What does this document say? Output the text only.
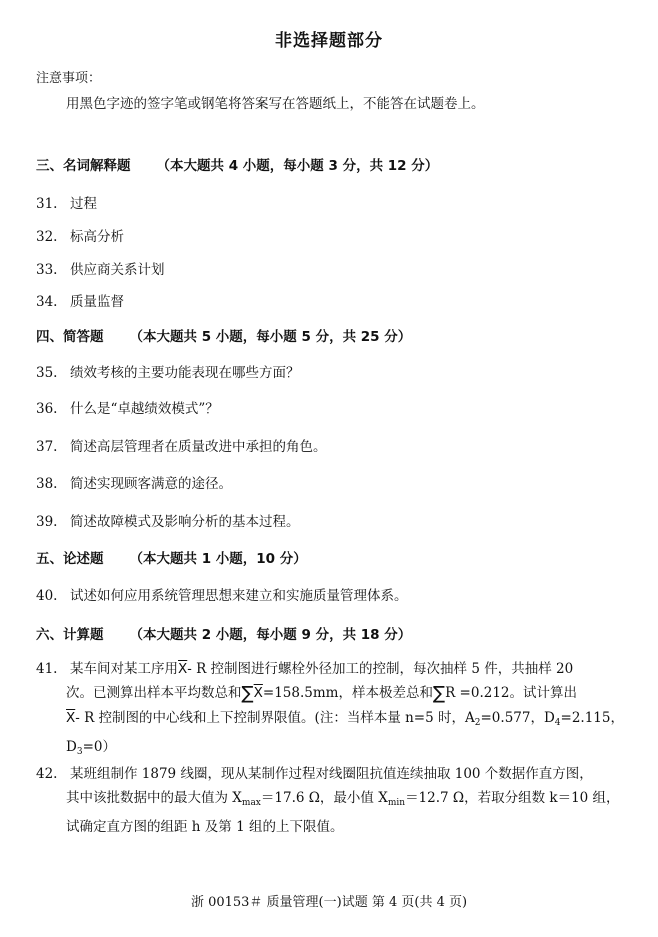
非选择题部分
注意事项：
用黑色字迹的签字笔或钢笔将答案写在答题纸上，不能答在试题卷上。
三、名词解释题 （本大题共 4 小题，每小题 3 分，共 12 分）
31. 过程
32. 标高分析
33. 供应商关系计划
34. 质量监督
四、简答题 （本大题共 5 小题，每小题 5 分，共 25 分）
35. 绩效考核的主要功能表现在哪些方面？
36. 什么是“卓越绩效模式”？
37. 简述高层管理者在质量改进中承担的角色。
38. 简述实现顾客满意的途径。
39. 简述故障模式及影响分析的基本过程。
五、论述题 （本大题共 1 小题，10 分）
40. 试述如何应用系统管理思想来建立和实施质量管理体系。
六、计算题 （本大题共 2 小题，每小题 9 分，共 18 分）
41. 某车间对某工序用$\overline{X}-$ R 控制图进行螺栓外径加工的控制，每次抽样 5 件，共抽样 20
次。已测算出样本平均数总和$\sum\overline{X}=158.5mm$，样本极差总和∑R =0.212。试计算出
$\overline{X}-$ R 控制图的中心线和上下控制界限值。(注：当样本量 n=5 时，$A_2=0.577$，$D_4=2.115$，
$D_3=0$）
42. 某班组制作 1879 线圈，现从某制作过程对线圈阻抗值连续抽取 100 个数据作直方图，
其中该批数据中的最大值为 $X_{max}=17.6$ Ω，最小值 $X_{min}=12.7$ Ω，若取分组数 k＝10 组，
试确定直方图的组距 h 及第 1 组的上下限值。
浙 00153＃ 质量管理(一)试题 第 4 页(共 4 页)
